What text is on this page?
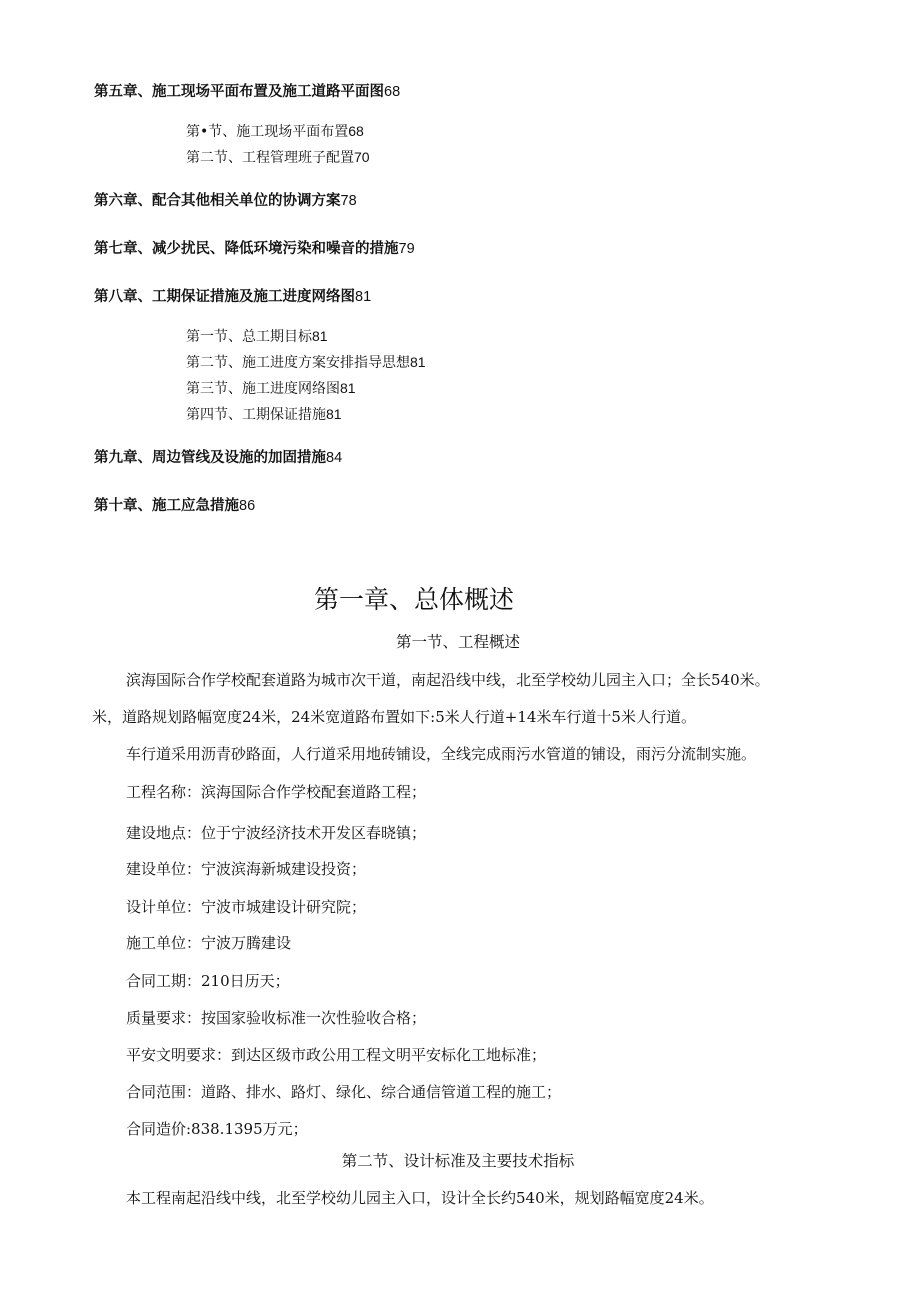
第五章、施工现场平面布置及施工道路平面图68
第•节、施工现场平面布置68
第二节、工程管理班子配置70
第六章、配合其他相关单位的协调方案78
第七章、减少扰民、降低环境污染和噪音的措施79
第八章、工期保证措施及施工进度网络图81
第一节、总工期目标81
第二节、施工进度方案安排指导思想81
第三节、施工进度网络图81
第四节、工期保证措施81
第九章、周边管线及设施的加固措施84
第十章、施工应急措施86
第一章、总体概述
第一节、工程概述
滨海国际合作学校配套道路为城市次干道，南起沿线中线，北至学校幼儿园主入口；全长540米。
米，道路规划路幅宽度24米，24米宽道路布置如下:5米人行道+14米车行道十5米人行道。
车行道采用沥青砂路面，人行道采用地砖铺设，全线完成雨污水管道的铺设，雨污分流制实施。
工程名称：滨海国际合作学校配套道路工程；
建设地点：位于宁波经济技术开发区春晓镇；
建设单位：宁波滨海新城建设投资；
设计单位：宁波市城建设计研究院；
施工单位：宁波万腾建设
合同工期：210日历天；
质量要求：按国家验收标准一次性验收合格；
平安文明要求：到达区级市政公用工程文明平安标化工地标准；
合同范围：道路、排水、路灯、绿化、综合通信管道工程的施工；
合同造价:838.1395万元；
第二节、设计标准及主要技术指标
本工程南起沿线中线，北至学校幼儿园主入口，设计全长约540米，规划路幅宽度24米。
